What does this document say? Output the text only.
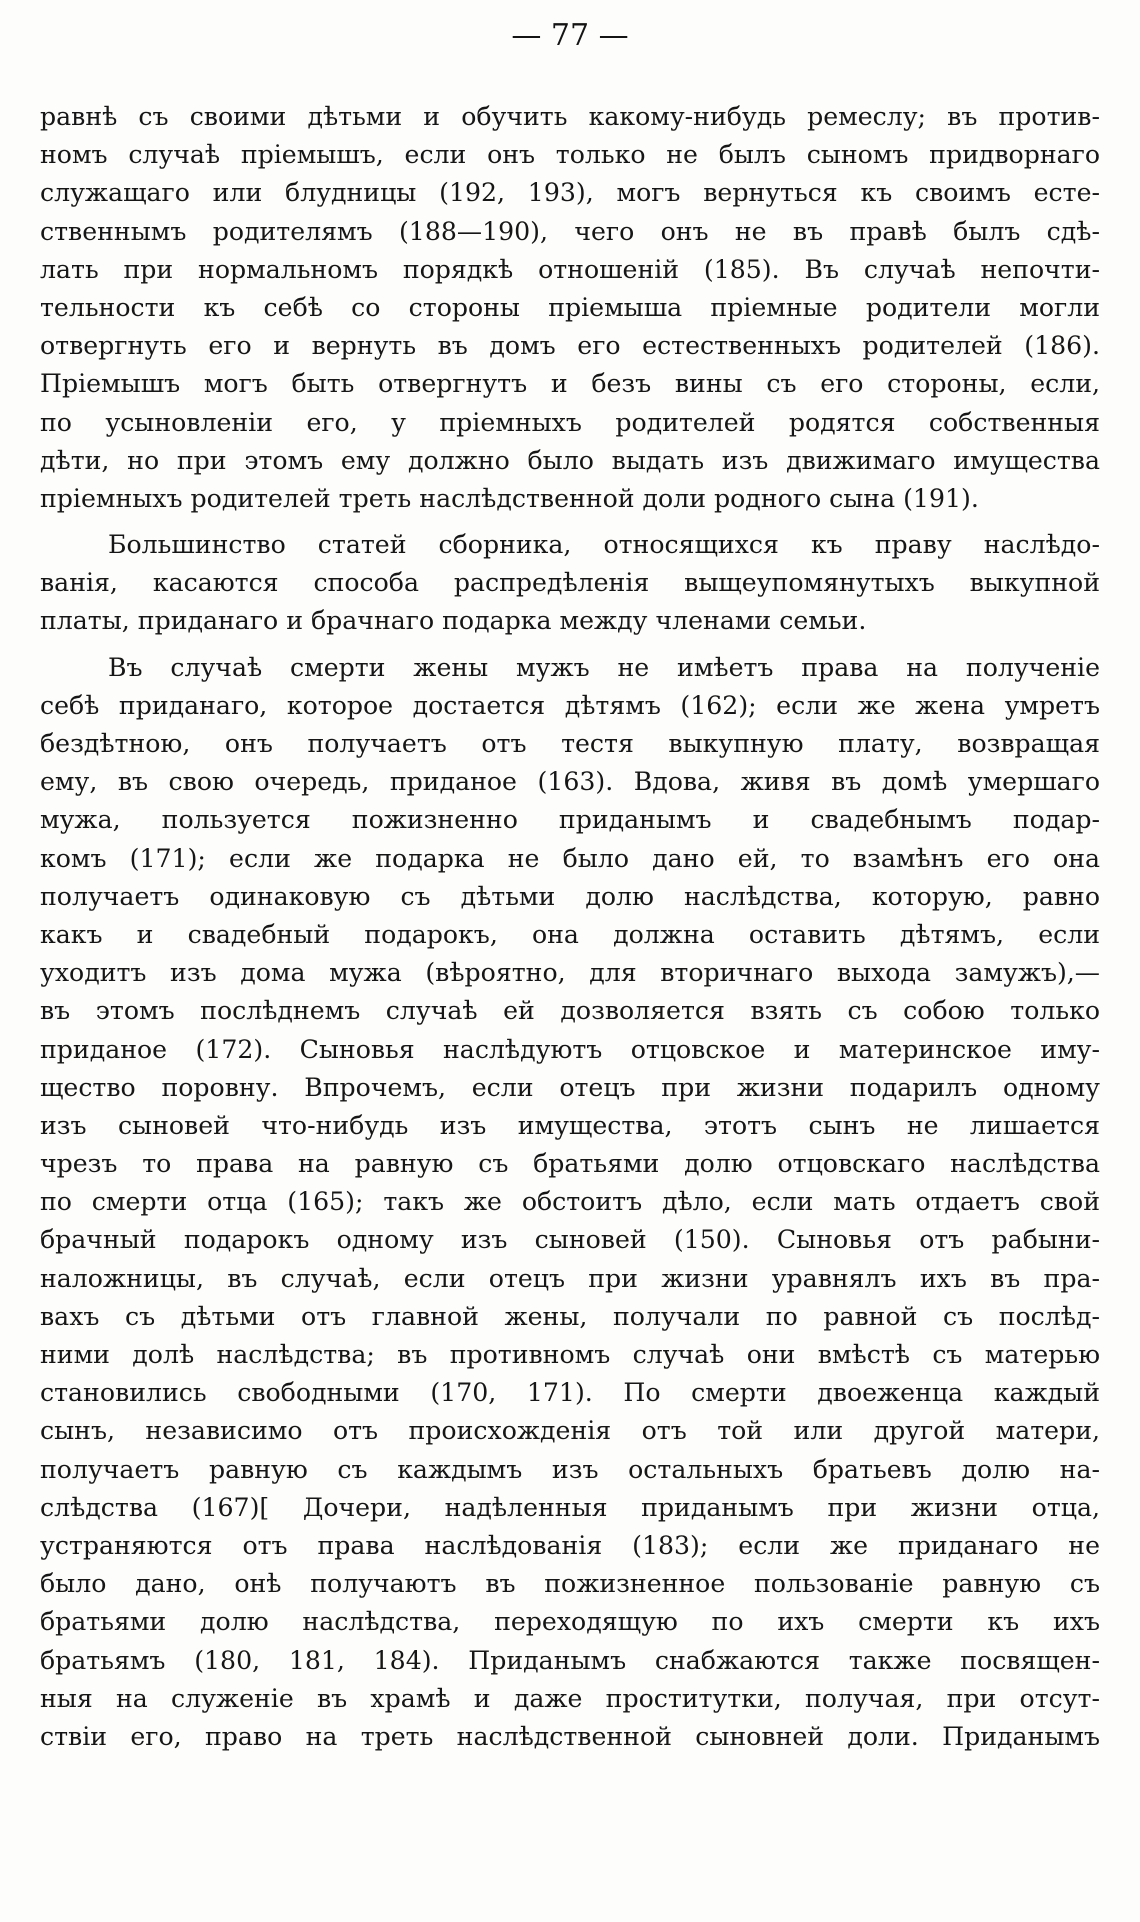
— 77 —
равнѣ съ своими дѣтьми и обучить какому-нибудь ремеслу; въ против-
номъ случаѣ пріемышъ, если онъ только не былъ сыномъ придворнаго
служащаго или блудницы (192, 193), могъ вернуться къ своимъ есте-
ственнымъ родителямъ (188—190), чего онъ не въ правѣ былъ сдѣ-
лать при нормальномъ порядкѣ отношеній (185). Въ случаѣ непочти-
тельности къ себѣ со стороны пріемыша пріемные родители могли
отвергнуть его и вернуть въ домъ его естественныхъ родителей (186).
Пріемышъ могъ быть отвергнутъ и безъ вины съ его стороны, если,
по усыновленіи его, у пріемныхъ родителей родятся собственныя
дѣти, но при этомъ ему должно было выдать изъ движимаго имущества
пріемныхъ родителей треть наслѣдственной доли родного сына (191).
Большинство статей сборника, относящихся къ праву наслѣдо-
ванія, касаются способа распредѣленія выщеупомянутыхъ выкупной
платы, приданаго и брачнаго подарка между членами семьи.
Въ случаѣ смерти жены мужъ не имѣетъ права на полученіе
себѣ приданаго, которое достается дѣтямъ (162); если же жена умретъ
бездѣтною, онъ получаетъ отъ тестя выкупную плату, возвращая
ему, въ свою очередь, приданое (163). Вдова, живя въ домѣ умершаго
мужа, пользуется пожизненно приданымъ и свадебнымъ подар-
комъ (171); если же подарка не было дано ей, то взамѣнъ его она
получаетъ одинаковую съ дѣтьми долю наслѣдства, которую, равно
какъ и свадебный подарокъ, она должна оставить дѣтямъ, если
уходитъ изъ дома мужа (вѣроятно, для вторичнаго выхода замужъ),—
въ этомъ послѣднемъ случаѣ ей дозволяется взять съ собою только
приданое (172). Сыновья наслѣдуютъ отцовское и материнское иму-
щество поровну. Впрочемъ, если отецъ при жизни подарилъ одному
изъ сыновей что-нибудь изъ имущества, этотъ сынъ не лишается
чрезъ то права на равную съ братьями долю отцовскаго наслѣдства
по смерти отца (165); такъ же обстоитъ дѣло, если мать отдаетъ свой
брачный подарокъ одному изъ сыновей (150). Сыновья отъ рабыни-
наложницы, въ случаѣ, если отецъ при жизни уравнялъ ихъ въ пра-
вахъ съ дѣтьми отъ главной жены, получали по равной съ послѣд-
ними долѣ наслѣдства; въ противномъ случаѣ они вмѣстѣ съ матерью
становились свободными (170, 171). По смерти двоеженца каждый
сынъ, независимо отъ происхожденія отъ той или другой матери,
получаетъ равную съ каждымъ изъ остальныхъ братьевъ долю на-
слѣдства (167)[ Дочери, надѣленныя приданымъ при жизни отца,
устраняются отъ права наслѣдованія (183); если же приданаго не
было дано, онѣ получаютъ въ пожизненное пользованіе равную съ
братьями долю наслѣдства, переходящую по ихъ смерти къ ихъ
братьямъ (180, 181, 184). Приданымъ снабжаются также посвящен-
ныя на служеніе въ храмѣ и даже проститутки, получая, при отсут-
ствіи его, право на треть наслѣдственной сыновней доли. Приданымъ
